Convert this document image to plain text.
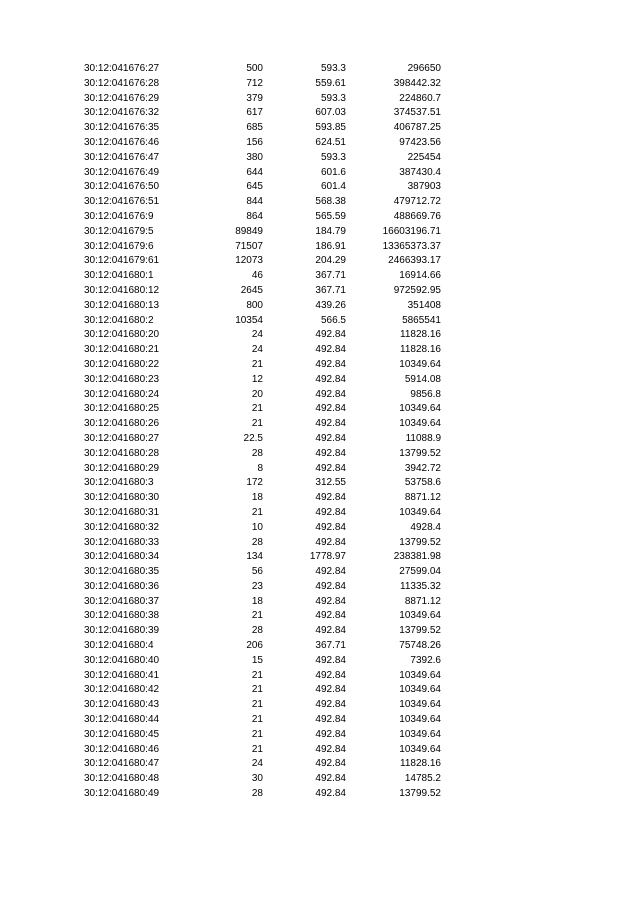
30:12:041676:27	500	593.3	296650
30:12:041676:28	712	559.61	398442.32
30:12:041676:29	379	593.3	224860.7
30:12:041676:32	617	607.03	374537.51
30:12:041676:35	685	593.85	406787.25
30:12:041676:46	156	624.51	97423.56
30:12:041676:47	380	593.3	225454
30:12:041676:49	644	601.6	387430.4
30:12:041676:50	645	601.4	387903
30:12:041676:51	844	568.38	479712.72
30:12:041676:9	864	565.59	488669.76
30:12:041679:5	89849	184.79	16603196.71
30:12:041679:6	71507	186.91	13365373.37
30:12:041679:61	12073	204.29	2466393.17
30:12:041680:1	46	367.71	16914.66
30:12:041680:12	2645	367.71	972592.95
30:12:041680:13	800	439.26	351408
30:12:041680:2	10354	566.5	5865541
30:12:041680:20	24	492.84	11828.16
30:12:041680:21	24	492.84	11828.16
30:12:041680:22	21	492.84	10349.64
30:12:041680:23	12	492.84	5914.08
30:12:041680:24	20	492.84	9856.8
30:12:041680:25	21	492.84	10349.64
30:12:041680:26	21	492.84	10349.64
30:12:041680:27	22.5	492.84	11088.9
30:12:041680:28	28	492.84	13799.52
30:12:041680:29	8	492.84	3942.72
30:12:041680:3	172	312.55	53758.6
30:12:041680:30	18	492.84	8871.12
30:12:041680:31	21	492.84	10349.64
30:12:041680:32	10	492.84	4928.4
30:12:041680:33	28	492.84	13799.52
30:12:041680:34	134	1778.97	238381.98
30:12:041680:35	56	492.84	27599.04
30:12:041680:36	23	492.84	11335.32
30:12:041680:37	18	492.84	8871.12
30:12:041680:38	21	492.84	10349.64
30:12:041680:39	28	492.84	13799.52
30:12:041680:4	206	367.71	75748.26
30:12:041680:40	15	492.84	7392.6
30:12:041680:41	21	492.84	10349.64
30:12:041680:42	21	492.84	10349.64
30:12:041680:43	21	492.84	10349.64
30:12:041680:44	21	492.84	10349.64
30:12:041680:45	21	492.84	10349.64
30:12:041680:46	21	492.84	10349.64
30:12:041680:47	24	492.84	11828.16
30:12:041680:48	30	492.84	14785.2
30:12:041680:49	28	492.84	13799.52
